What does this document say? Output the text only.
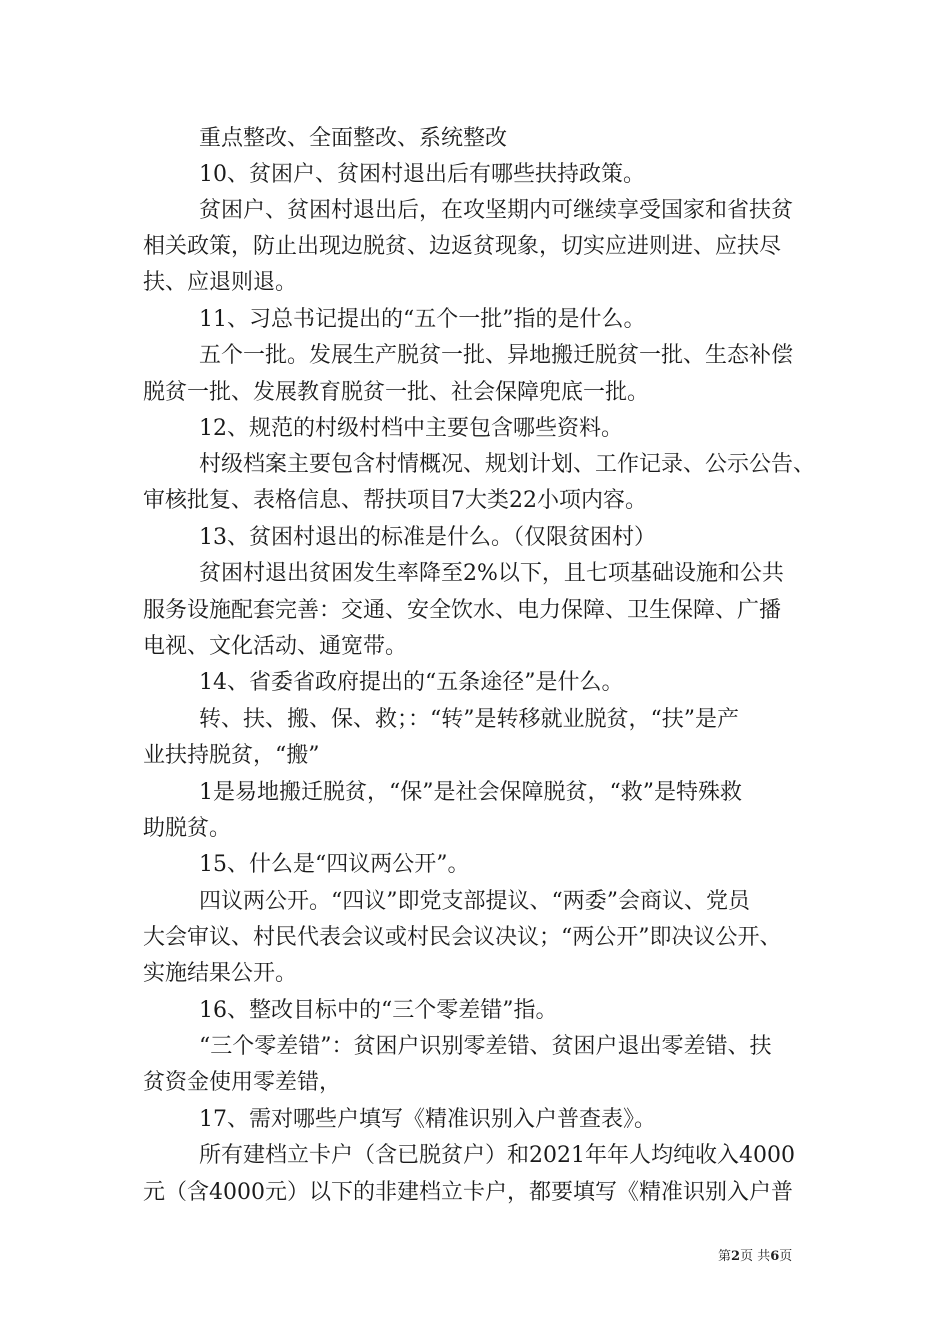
重点整改、全面整改、系统整改

10、贫困户、贫困村退出后有哪些扶持政策。

贫困户、贫困村退出后，在攻坚期内可继续享受国家和省扶贫

相关政策，防止出现边脱贫、边返贫现象，切实应进则进、应扶尽

扶、应退则退。

11、习总书记提出的“五个一批”指的是什么。

五个一批。发展生产脱贫一批、异地搬迁脱贫一批、生态补偿

脱贫一批、发展教育脱贫一批、社会保障兜底一批。

12、规范的村级村档中主要包含哪些资料。

村级档案主要包含村情概况、规划计划、工作记录、公示公告、

审核批复、表格信息、帮扶项目7大类22小项内容。

13、贫困村退出的标准是什么。（仅限贫困村）

贫困村退出贫困发生率降至2%以下，且七项基础设施和公共

服务设施配套完善：交通、安全饮水、电力保障、卫生保障、广播

电视、文化活动、通宽带。

14、省委省政府提出的“五条途径”是什么。

转、扶、搬、保、救；：“转”是转移就业脱贫，“扶”是产

业扶持脱贫，“搬”

1是易地搬迁脱贫，“保”是社会保障脱贫，“救”是特殊救

助脱贫。

15、什么是“四议两公开”。

四议两公开。“四议”即党支部提议、“两委”会商议、党员

大会审议、村民代表会议或村民会议决议；“两公开”即决议公开、

实施结果公开。

16、整改目标中的“三个零差错”指。

“三个零差错”：贫困户识别零差错、贫困户退出零差错、扶

贫资金使用零差错，

17、需对哪些户填写《精准识别入户普查表》。

所有建档立卡户（含已脱贫户）和2021年年人均纯收入4000

元（含4000元）以下的非建档立卡户，都要填写《精准识别入户普

第2页 共6页
